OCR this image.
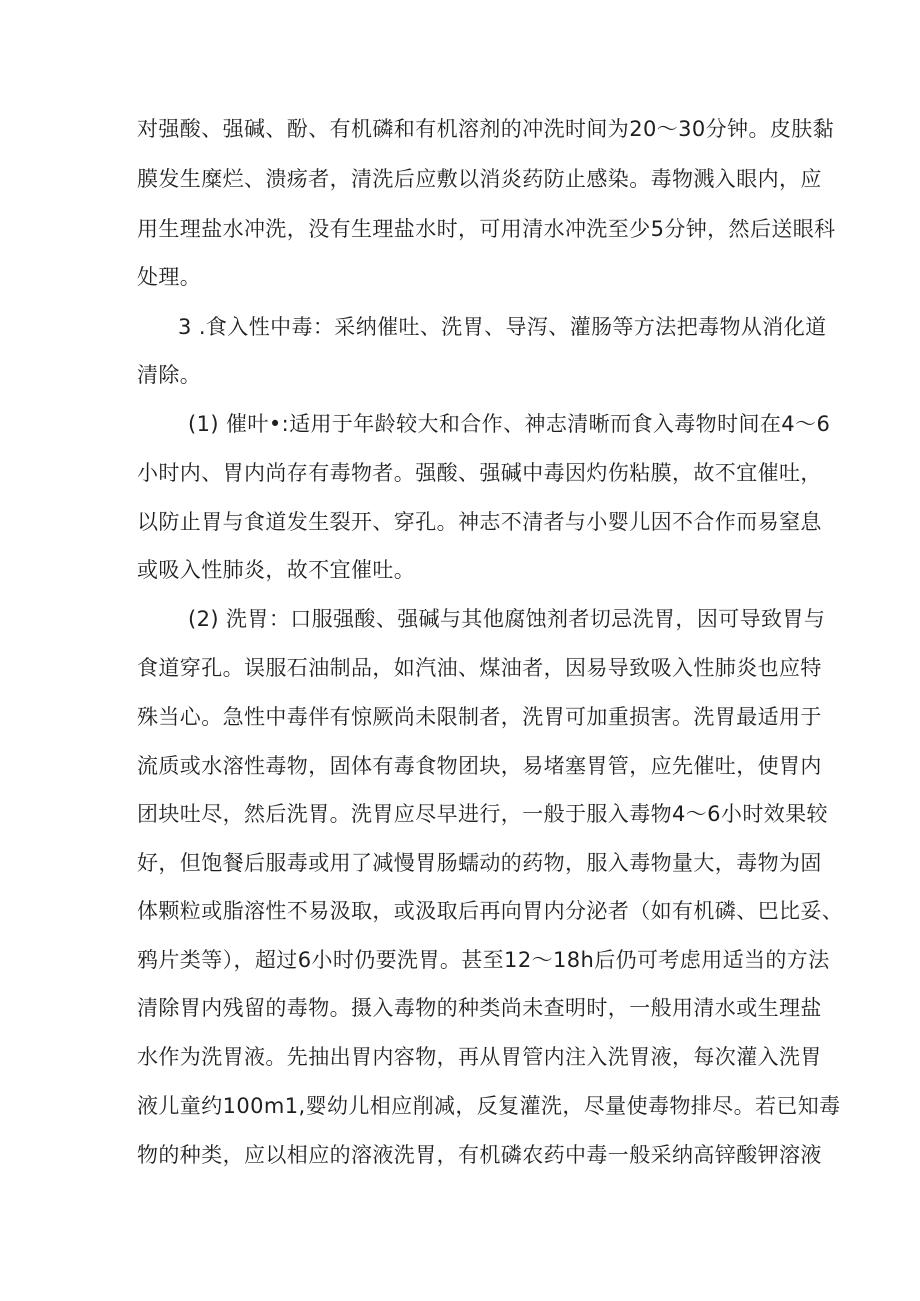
对强酸、强碱、酚、有机磷和有机溶剂的冲洗时间为20〜30分钟。皮肤黏
膜发生糜烂、溃疡者，清洗后应敷以消炎药防止感染。毒物溅入眼内，应
用生理盐水冲洗，没有生理盐水时，可用清水冲洗至少5分钟，然后送眼科
处理。
3 .食入性中毒：采纳催吐、洗胃、导泻、灌肠等方法把毒物从消化道
清除。
(1) 催叶•:适用于年龄较大和合作、神志清晰而食入毒物时间在4〜6
小时内、胃内尚存有毒物者。强酸、强碱中毒因灼伤粘膜，故不宜催吐，
以防止胃与食道发生裂开、穿孔。神志不清者与小婴儿因不合作而易窒息
或吸入性肺炎，故不宜催吐。
(2) 洗胃：口服强酸、强碱与其他腐蚀剂者切忌洗胃，因可导致胃与
食道穿孔。误服石油制品，如汽油、煤油者，因易导致吸入性肺炎也应特
殊当心。急性中毒伴有惊厥尚未限制者，洗胃可加重损害。洗胃最适用于
流质或水溶性毒物，固体有毒食物团块，易堵塞胃管，应先催吐，使胃内
团块吐尽，然后洗胃。洗胃应尽早进行，一般于服入毒物4〜6小时效果较
好，但饱餐后服毒或用了减慢胃肠蠕动的药物，服入毒物量大，毒物为固
体颗粒或脂溶性不易汲取，或汲取后再向胃内分泌者（如有机磷、巴比妥、
鸦片类等），超过6小时仍要洗胃。甚至12〜18h后仍可考虑用适当的方法
清除胃内残留的毒物。摄入毒物的种类尚未查明时，一般用清水或生理盐
水作为洗胃液。先抽出胃内容物，再从胃管内注入洗胃液，每次灌入洗胃
液儿童约100m1,婴幼儿相应削减，反复灌洗，尽量使毒物排尽。若已知毒
物的种类，应以相应的溶液洗胃，有机磷农药中毒一般采纳高锌酸钾溶液
